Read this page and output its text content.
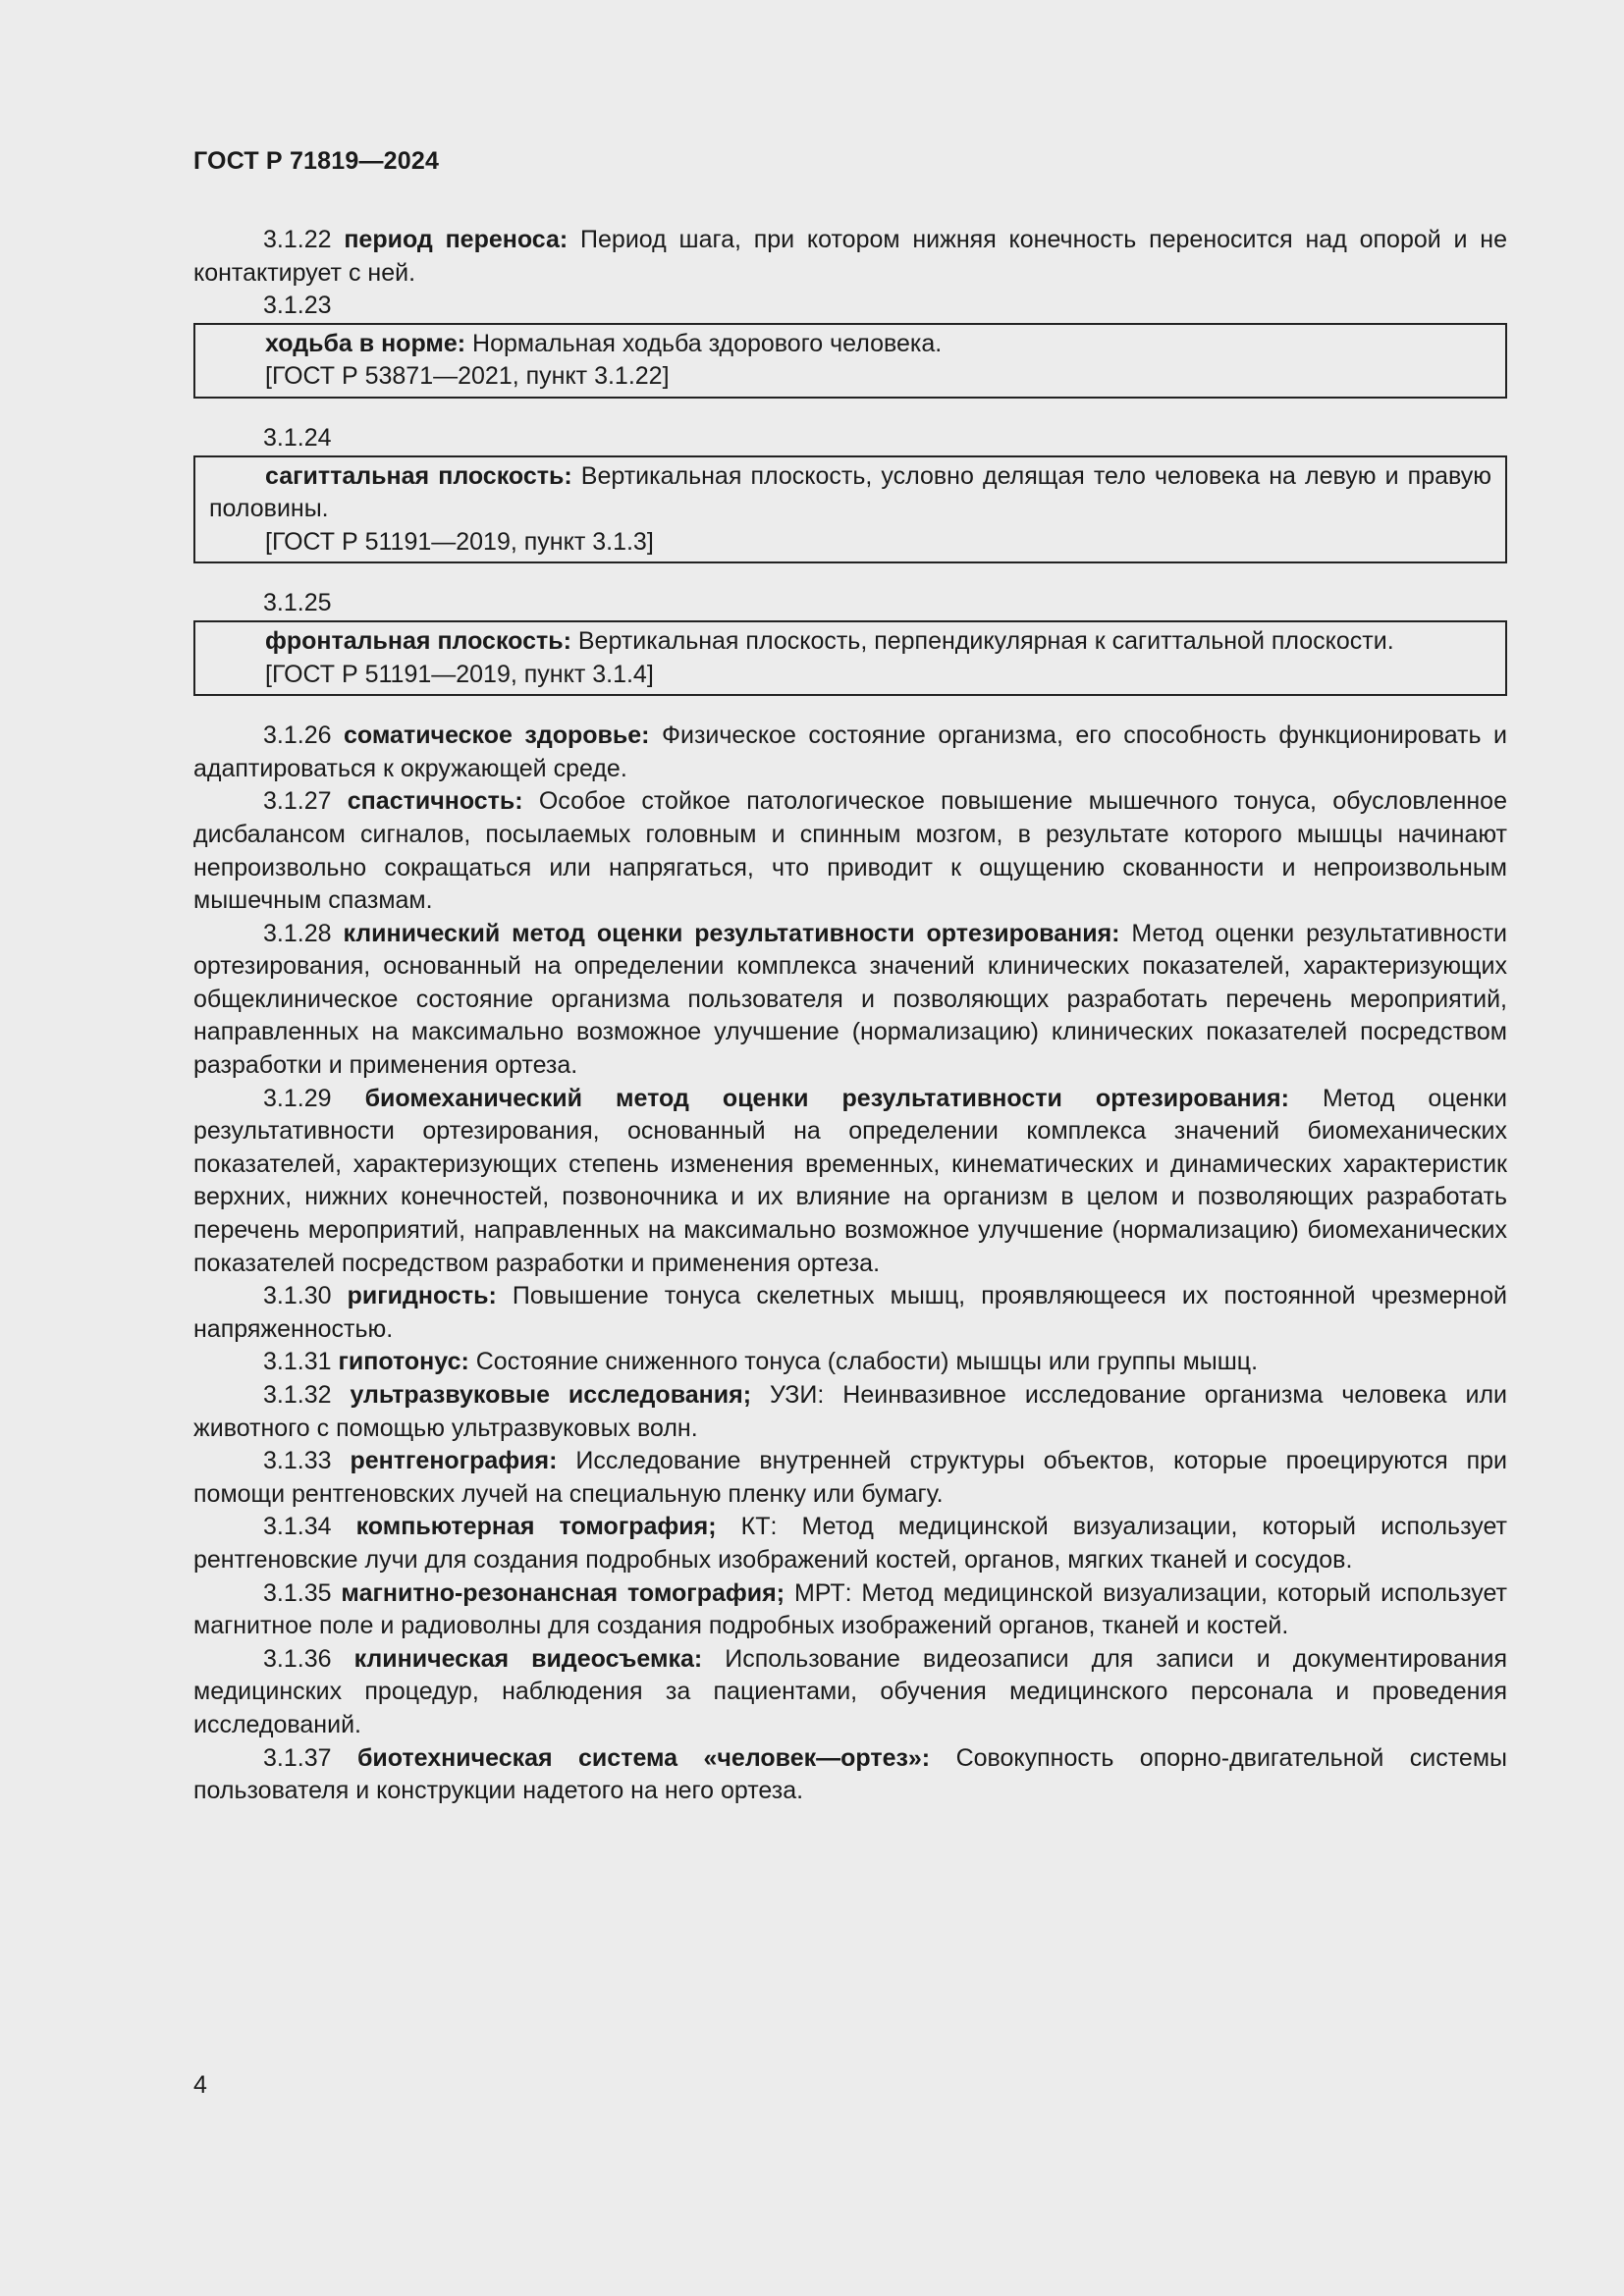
ГОСТ Р 71819—2024

3.1.22 период переноса: Период шага, при котором нижняя конечность переносится над опорой и не контактирует с ней.

3.1.23

ходьба в норме: Нормальная ходьба здорового человека.

[ГОСТ Р 53871—2021, пункт 3.1.22]

3.1.24

сагиттальная плоскость: Вертикальная плоскость, условно делящая тело человека на левую и правую половины.

[ГОСТ Р 51191—2019, пункт 3.1.3]

3.1.25

фронтальная плоскость: Вертикальная плоскость, перпендикулярная к сагиттальной плоскости.

[ГОСТ Р 51191—2019, пункт 3.1.4]

3.1.26 соматическое здоровье: Физическое состояние организма, его способность функционировать и адаптироваться к окружающей среде.

3.1.27 спастичность: Особое стойкое патологическое повышение мышечного тонуса, обусловленное дисбалансом сигналов, посылаемых головным и спинным мозгом, в результате которого мышцы начинают непроизвольно сокращаться или напрягаться, что приводит к ощущению скованности и непроизвольным мышечным спазмам.

3.1.28 клинический метод оценки результативности ортезирования: Метод оценки результативности ортезирования, основанный на определении комплекса значений клинических показателей, характеризующих общеклиническое состояние организма пользователя и позволяющих разработать перечень мероприятий, направленных на максимально возможное улучшение (нормализацию) клинических показателей посредством разработки и применения ортеза.

3.1.29 биомеханический метод оценки результативности ортезирования: Метод оценки результативности ортезирования, основанный на определении комплекса значений биомеханических показателей, характеризующих степень изменения временных, кинематических и динамических характеристик верхних, нижних конечностей, позвоночника и их влияние на организм в целом и позволяющих разработать перечень мероприятий, направленных на максимально возможное улучшение (нормализацию) биомеханических показателей посредством разработки и применения ортеза.

3.1.30 ригидность: Повышение тонуса скелетных мышц, проявляющееся их постоянной чрезмерной напряженностью.

3.1.31 гипотонус: Состояние сниженного тонуса (слабости) мышцы или группы мышц.

3.1.32 ультразвуковые исследования; УЗИ: Неинвазивное исследование организма человека или животного с помощью ультразвуковых волн.

3.1.33 рентгенография: Исследование внутренней структуры объектов, которые проецируются при помощи рентгеновских лучей на специальную пленку или бумагу.

3.1.34 компьютерная томография; КТ: Метод медицинской визуализации, который использует рентгеновские лучи для создания подробных изображений костей, органов, мягких тканей и сосудов.

3.1.35 магнитно-резонансная томография; МРТ: Метод медицинской визуализации, который использует магнитное поле и радиоволны для создания подробных изображений органов, тканей и костей.

3.1.36 клиническая видеосъемка: Использование видеозаписи для записи и документирования медицинских процедур, наблюдения за пациентами, обучения медицинского персонала и проведения исследований.

3.1.37 биотехническая система «человек—ортез»: Совокупность опорно-двигательной системы пользователя и конструкции надетого на него ортеза.

4
